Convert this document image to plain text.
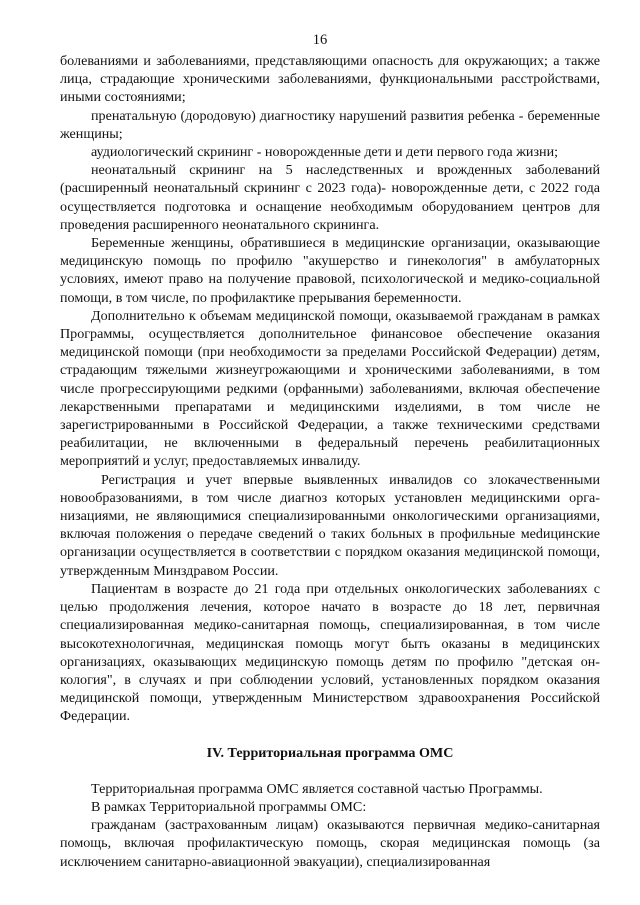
16

болеваниями и заболеваниями, представляющими опасность для окружающих; а также лица, страдающие хроническими заболеваниями, функциональными расстройствами, иными состояниями;

пренатальную (дородовую) диагностику нарушений развития ребенка - беременные женщины;

аудиологический скрининг - новорожденные дети и дети первого года жизни;

неонатальный скрининг на 5 наследственных и врожденных заболеваний (расширенный неонатальный скрининг с 2023 года)- новорожденные дети, с 2022 года осуществляется подготовка и оснащение необходимым оборудованием центров для проведения расширенного неонатального скрининга.

Беременные женщины, обратившиеся в медицинские организации, оказывающие медицинскую помощь по профилю "акушерство и гинекология" в амбулаторных условиях, имеют право на получение правовой, психологической и медико-социальной помощи, в том числе, по профилактике прерывания беременности.

Дополнительно к объемам медицинской помощи, оказываемой гражданам в рамках Программы, осуществляется дополнительное финансовое обеспечение оказания медицинской помощи (при необходимости за пределами Российской Федерации) детям, страдающим тяжелыми жизнеугрожающими и хроническими заболеваниями, в том числе прогрессирующими редкими (орфанными) заболеваниями, включая обеспечение лекарственными препаратами и медицинскими изделиями, в том числе не зарегистрированными в Российской Федерации, а также техническими средствами реабилитации, не включенными в федеральный перечень реабилитационных мероприятий и услуг, предоставляемых инвалиду.

Регистрация и учет впервые выявленных инвалидов со злокачественными новообразованиями, в том числе диагноз которых установлен медицинскими организациями, не являющимися специализированными онкологическими организациями, включая положения о передаче сведений о таких больных в профильные меdицинские организации осуществляется в соответствии с порядком оказания медицинской помощи, утвержденным Минздравом России.

Пациентам в возрасте до 21 года при отдельных онкологических заболеваниях с целью продолжения лечения, которое начато в возрасте до 18 лет, первичная специализированная медико-санитарная помощь, специализированная, в том числе высокотехнологичная, медицинская помощь могут быть оказаны в медицинских организациях, оказывающих медицинскую помощь детям по профилю "детская онкология", в случаях и при соблюдении условий, установленных порядком оказания медицинской помощи, утвержденным Министерством здравоохранения Российской Федерации.

IV. Территориальная программа ОМС

Территориальная программа ОМС является составной частью Программы.

В рамках Территориальной программы ОМС:

гражданам (застрахованным лицам) оказываются первичная медико-санитарная помощь, включая профилактическую помощь, скорая медицинская помощь (за исключением санитарно-авиационной эвакуации), специализированная
